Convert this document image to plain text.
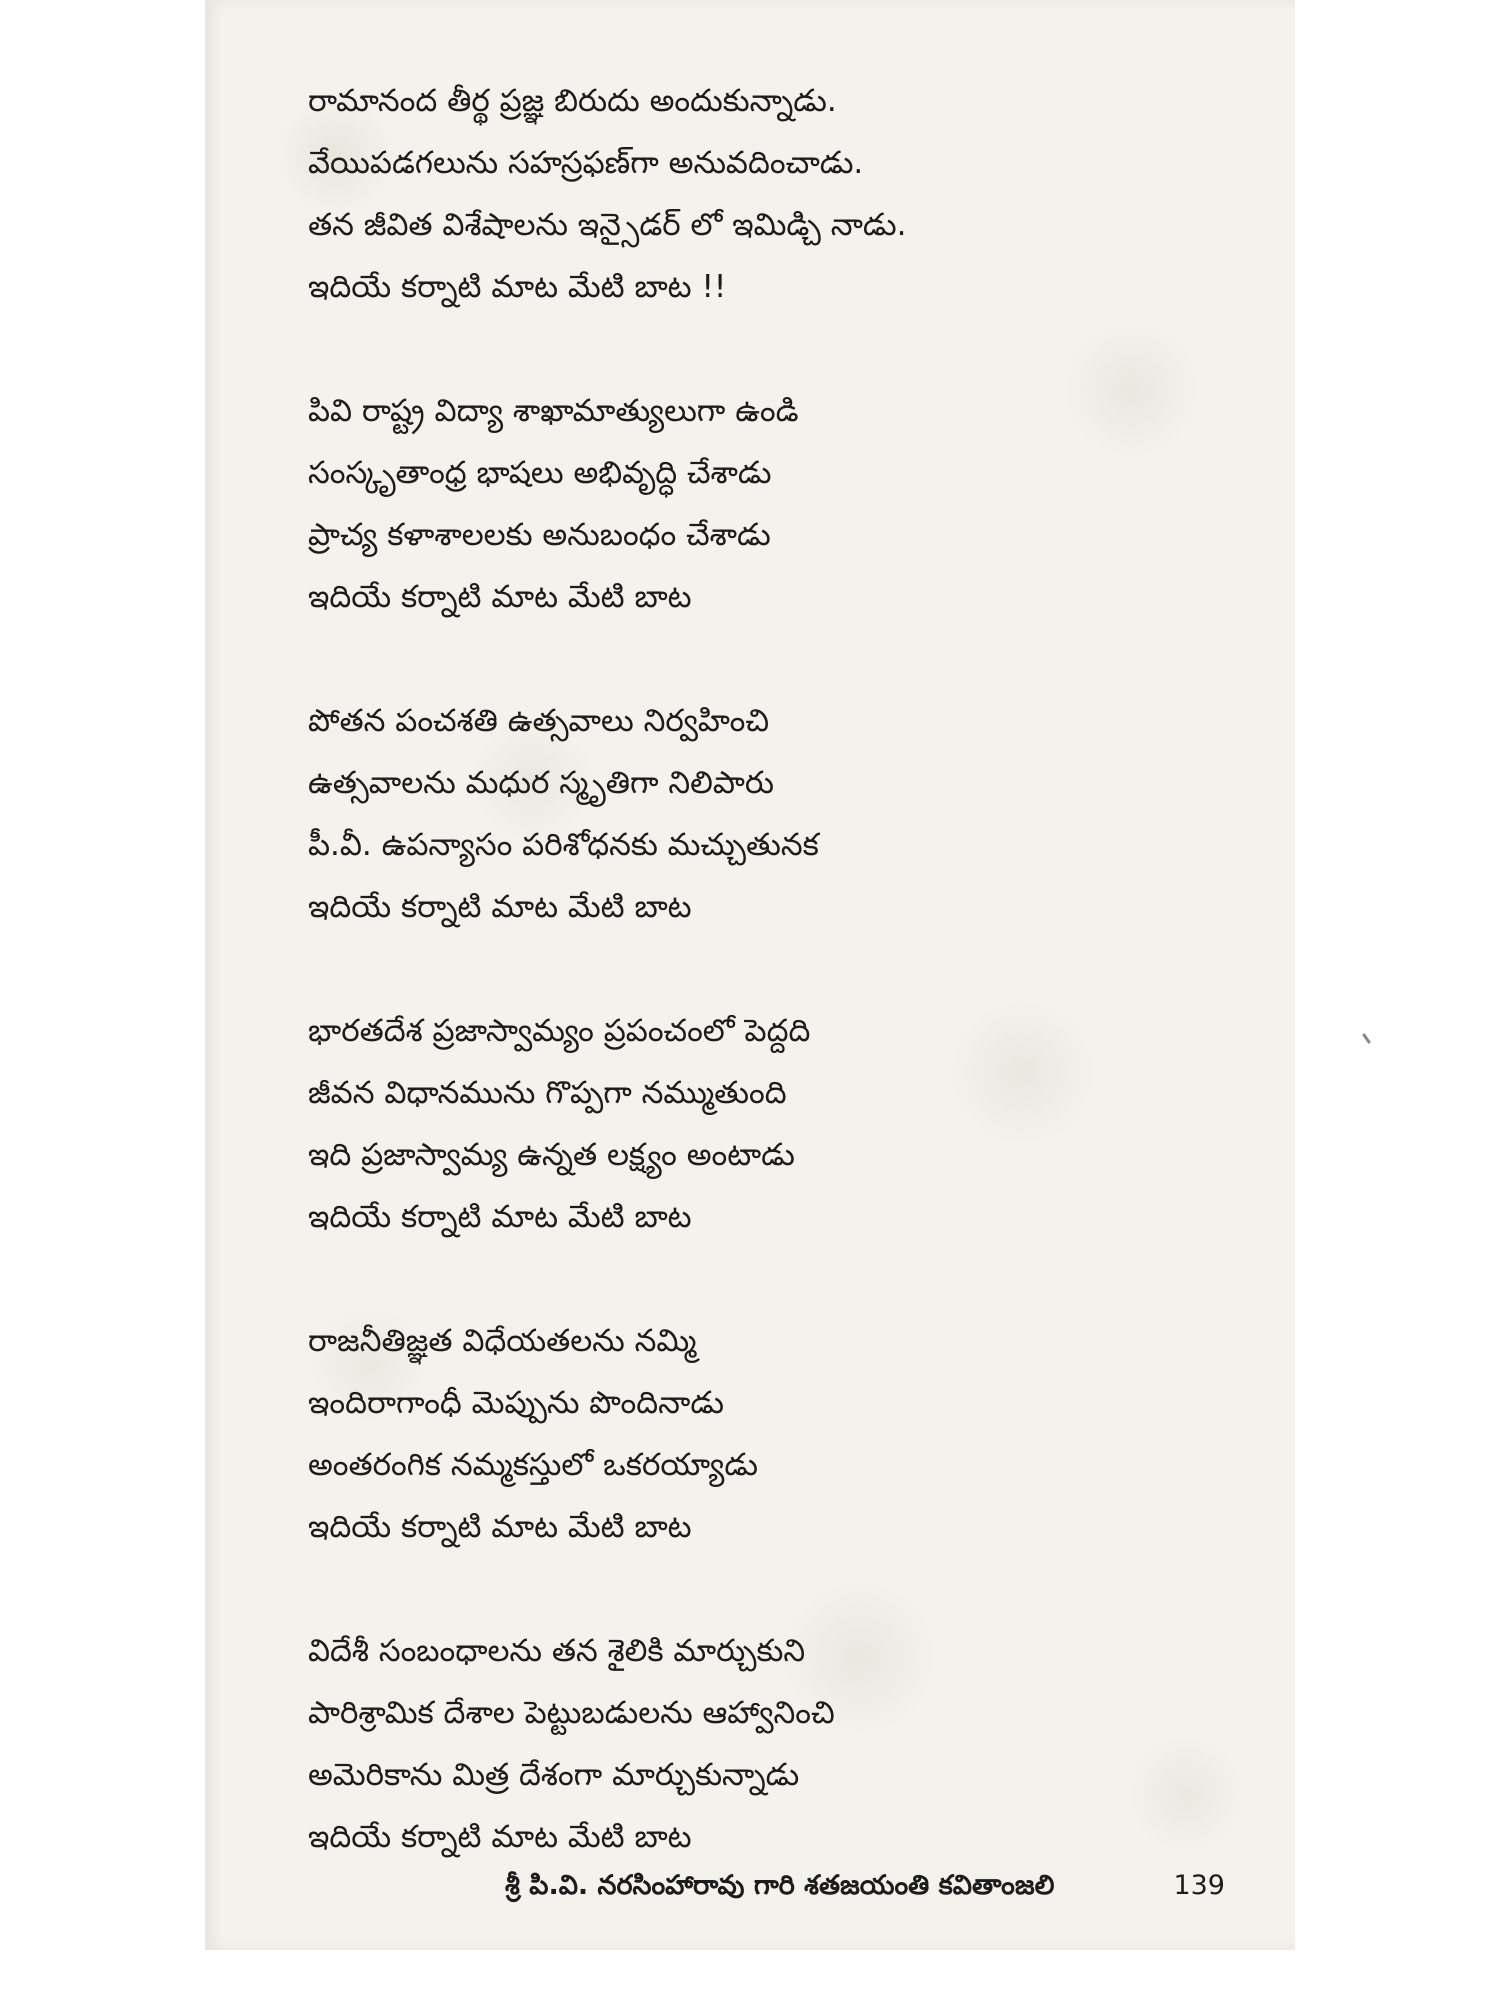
రామానంద తీర్థ ప్రజ్ఞ బిరుదు అందుకున్నాడు.
వేయిపడగలును సహస్రఫణ్‌గా అనువదించాడు.
తన జీవిత విశేషాలను ఇన్సైడర్ లో ఇమిడ్చి నాడు.
ఇదియే కర్నాటి మాట మేటి బాట !!
పివి రాష్ట్ర విద్యా శాఖామాత్యులుగా ఉండి
సంస్కృతాంధ్ర భాషలు అభివృద్ధి చేశాడు
ప్రాచ్య కళాశాలలకు అనుబంధం చేశాడు
ఇదియే కర్నాటి మాట మేటి బాట
పోతన పంచశతి ఉత్సవాలు నిర్వహించి
ఉత్సవాలను మధుర స్మృతిగా నిలిపారు
పీ.వీ. ఉపన్యాసం పరిశోధనకు మచ్చుతునక
ఇదియే కర్నాటి మాట మేటి బాట
భారతదేశ ప్రజాస్వామ్యం ప్రపంచంలో పెద్దది
జీవన విధానమును గొప్పగా నమ్ముతుంది
ఇది ప్రజాస్వామ్య ఉన్నత లక్ష్యం అంటాడు
ఇదియే కర్నాటి మాట మేటి బాట
రాజనీతిజ్ఞత విధేయతలను నమ్మి
ఇందిరాగాంధీ మెప్పును పొందినాడు
అంతరంగిక నమ్మకస్తులో ఒకరయ్యాడు
ఇదియే కర్నాటి మాట మేటి బాట
విదేశీ సంబంధాలను తన శైలికి మార్చుకుని
పారిశ్రామిక దేశాల పెట్టుబడులను ఆహ్వానించి
అమెరికాను మిత్ర దేశంగా మార్చుకున్నాడు
ఇదియే కర్నాటి మాట మేటి బాట
శ్రీ పి.వి. నరసింహారావు గారి శతజయంతి కవితాంజలి	139
